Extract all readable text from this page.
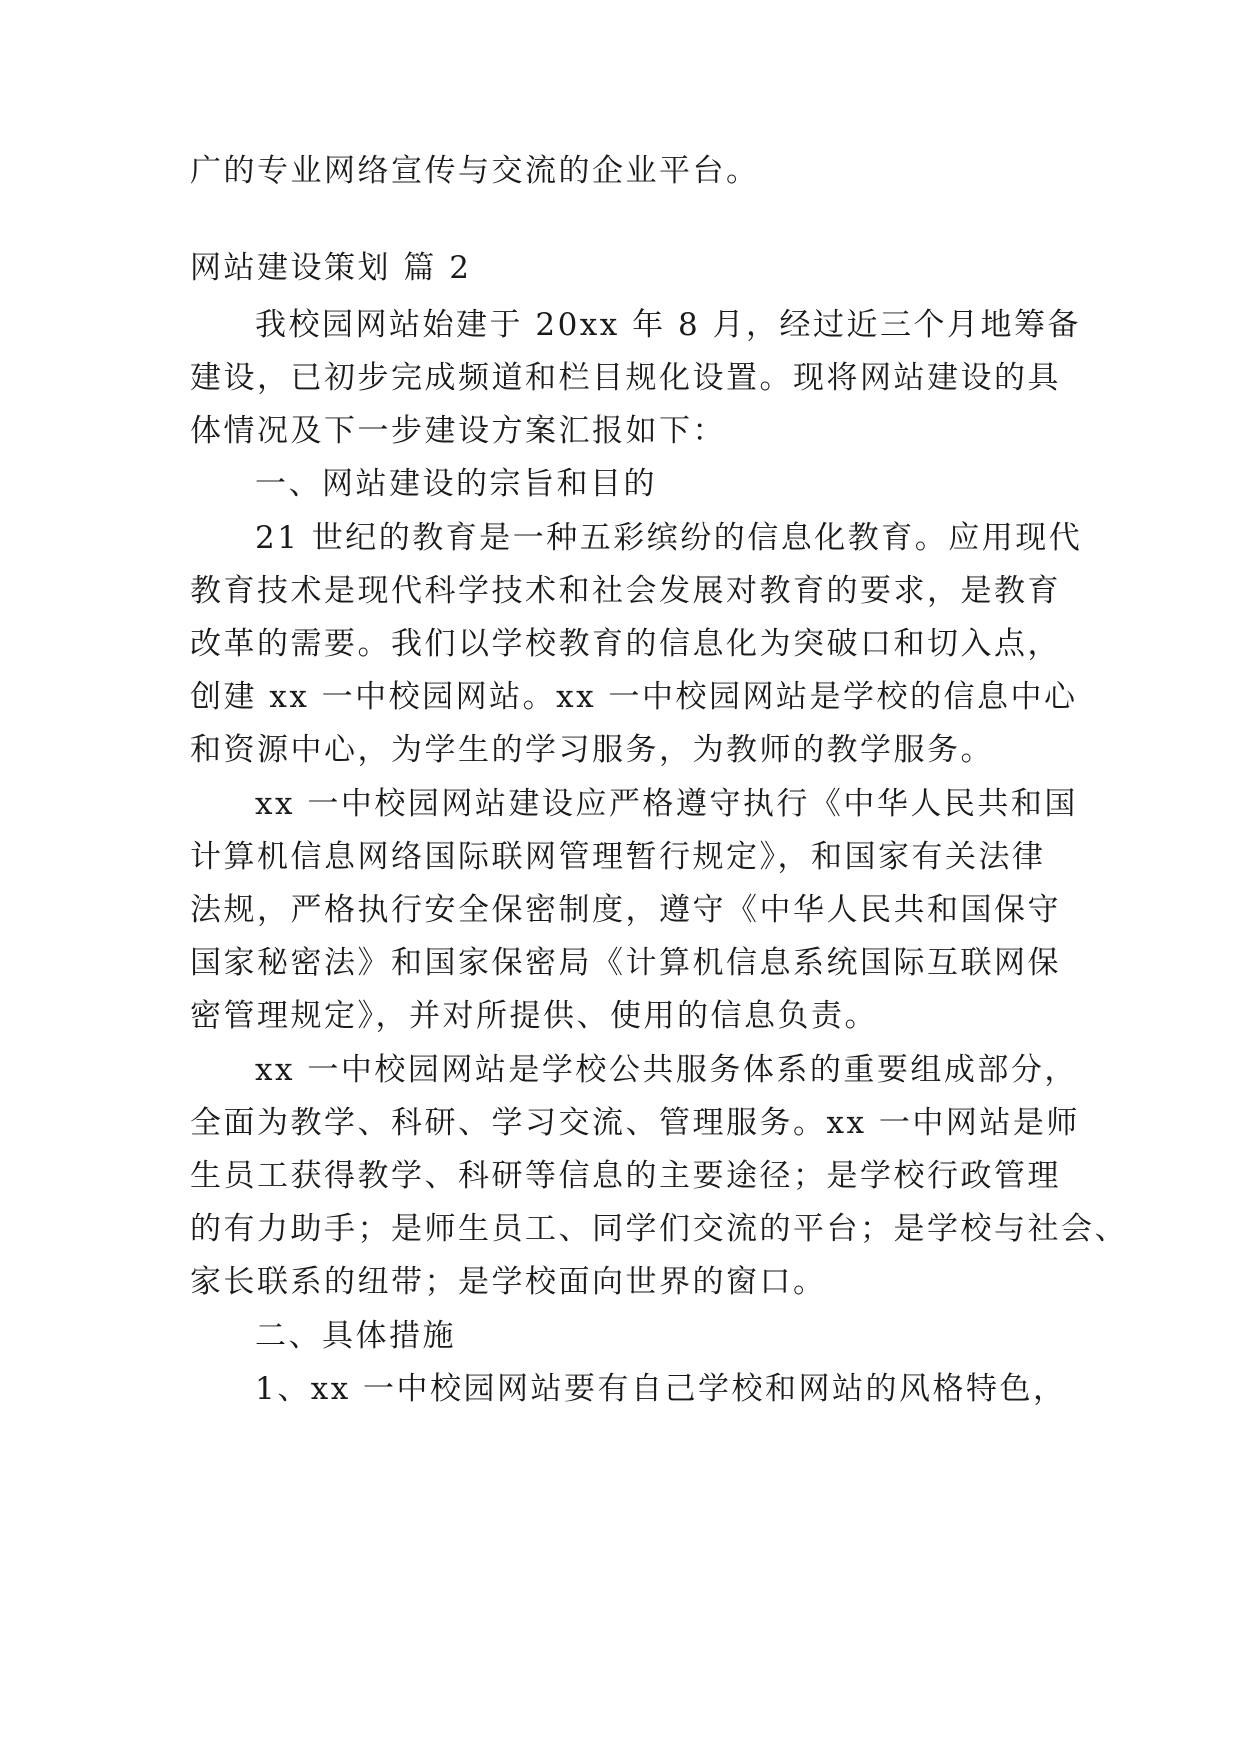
广的专业网络宣传与交流的企业平台。

网站建设策划 篇 2

我校园网站始建于 20xx 年 8 月，经过近三个月地筹备

建设，已初步完成频道和栏目规化设置。现将网站建设的具

体情况及下一步建设方案汇报如下：

一、网站建设的宗旨和目的

21 世纪的教育是一种五彩缤纷的信息化教育。应用现代

教育技术是现代科学技术和社会发展对教育的要求，是教育

改革的需要。我们以学校教育的信息化为突破口和切入点，

创建 xx 一中校园网站。xx 一中校园网站是学校的信息中心

和资源中心，为学生的学习服务，为教师的教学服务。

xx 一中校园网站建设应严格遵守执行《中华人民共和国

计算机信息网络国际联网管理暂行规定》，和国家有关法律

法规，严格执行安全保密制度，遵守《中华人民共和国保守

国家秘密法》和国家保密局《计算机信息系统国际互联网保

密管理规定》，并对所提供、使用的信息负责。

xx 一中校园网站是学校公共服务体系的重要组成部分，

全面为教学、科研、学习交流、管理服务。xx 一中网站是师

生员工获得教学、科研等信息的主要途径；是学校行政管理

的有力助手；是师生员工、同学们交流的平台；是学校与社会、

家长联系的纽带；是学校面向世界的窗口。

二、具体措施

1、xx 一中校园网站要有自己学校和网站的风格特色，
